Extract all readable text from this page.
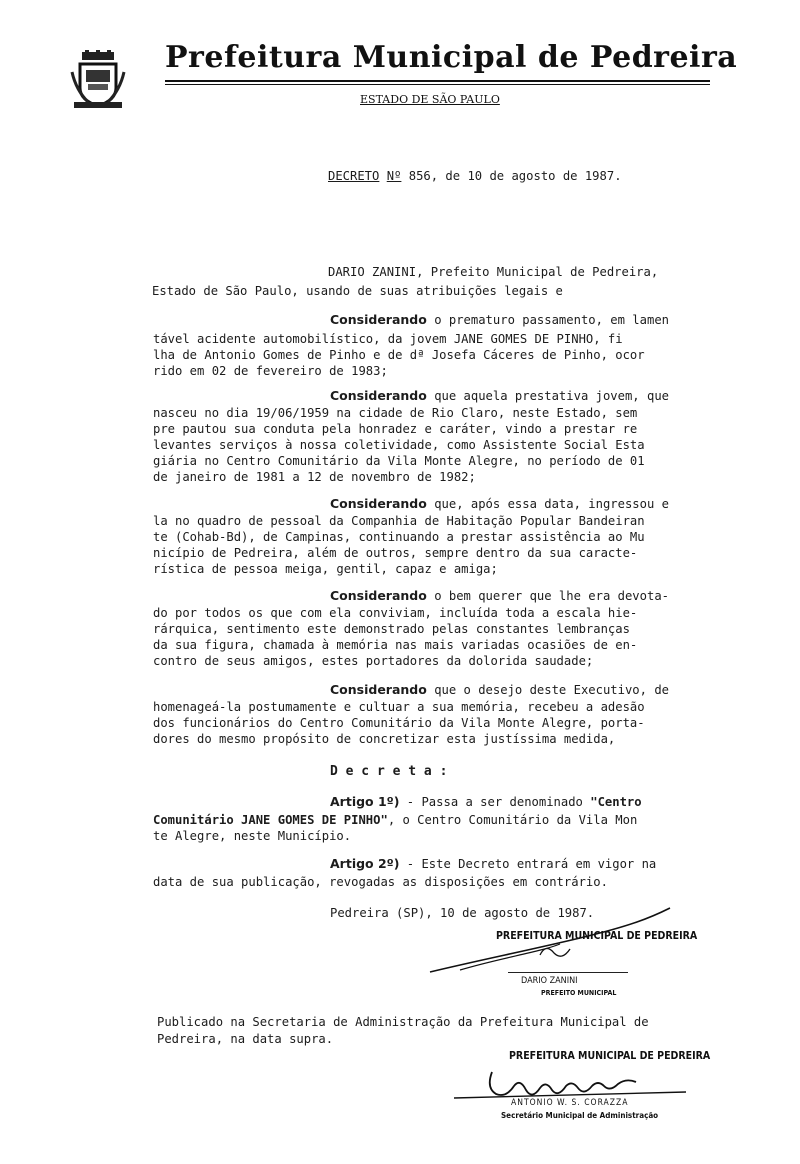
Prefeitura Municipal de Pedreira
ESTADO DE SÃO PAULO
DECRETO Nº 856, de 10 de agosto de 1987.
DARIO ZANINI, Prefeito Municipal de Pedreira,
Estado de São Paulo, usando de suas atribuições legais e
Considerando o prematuro passamento, em lamen
tável acidente automobilístico, da jovem JANE GOMES DE PINHO, fi
lha de Antonio Gomes de Pinho e de dª Josefa Cáceres de Pinho, ocor
rido em 02 de fevereiro de 1983;
Considerando que aquela prestativa jovem, que
nasceu no dia 19/06/1959 na cidade de Rio Claro, neste Estado, sem
pre pautou sua conduta pela honradez e caráter, vindo a prestar re
levantes serviços à nossa coletividade, como Assistente Social Esta
giária no Centro Comunitário da Vila Monte Alegre, no período de 01
de janeiro de 1981 a 12 de novembro de 1982;
Considerando que, após essa data, ingressou e
la no quadro de pessoal da Companhia de Habitação Popular Bandeiran
te (Cohab-Bd), de Campinas, continuando a prestar assistência ao Mu
nicípio de Pedreira, além de outros, sempre dentro da sua caracte-
rística de pessoa meiga, gentil, capaz e amiga;
Considerando o bem querer que lhe era devota-
do por todos os que com ela conviviam, incluída toda a escala hie-
rárquica, sentimento este demonstrado pelas constantes lembranças
da sua figura, chamada à memória nas mais variadas ocasiões de en-
contro de seus amigos, estes portadores da dolorida saudade;
Considerando que o desejo deste Executivo, de
homenageá-la postumamente e cultuar a sua memória, recebeu a adesão
dos funcionários do Centro Comunitário da Vila Monte Alegre, porta-
dores do mesmo propósito de concretizar esta justíssima medida,
D e c r e t a :
Artigo 1º) - Passa a ser denominado "Centro
Comunitário JANE GOMES DE PINHO", o Centro Comunitário da Vila Mon
te Alegre, neste Município.
Artigo 2º) - Este Decreto entrará em vigor na
data de sua publicação, revogadas as disposições em contrário.
Pedreira (SP), 10 de agosto de 1987.
PREFEITURA MUNICIPAL DE PEDREIRA
DARIO ZANINI
PREFEITO MUNICIPAL
Publicado na Secretaria de Administração da Prefeitura Municipal de
Pedreira, na data supra.
PREFEITURA MUNICIPAL DE PEDREIRA
ANTONIO W. S. CORAZZA
Secretário Municipal de Administração
